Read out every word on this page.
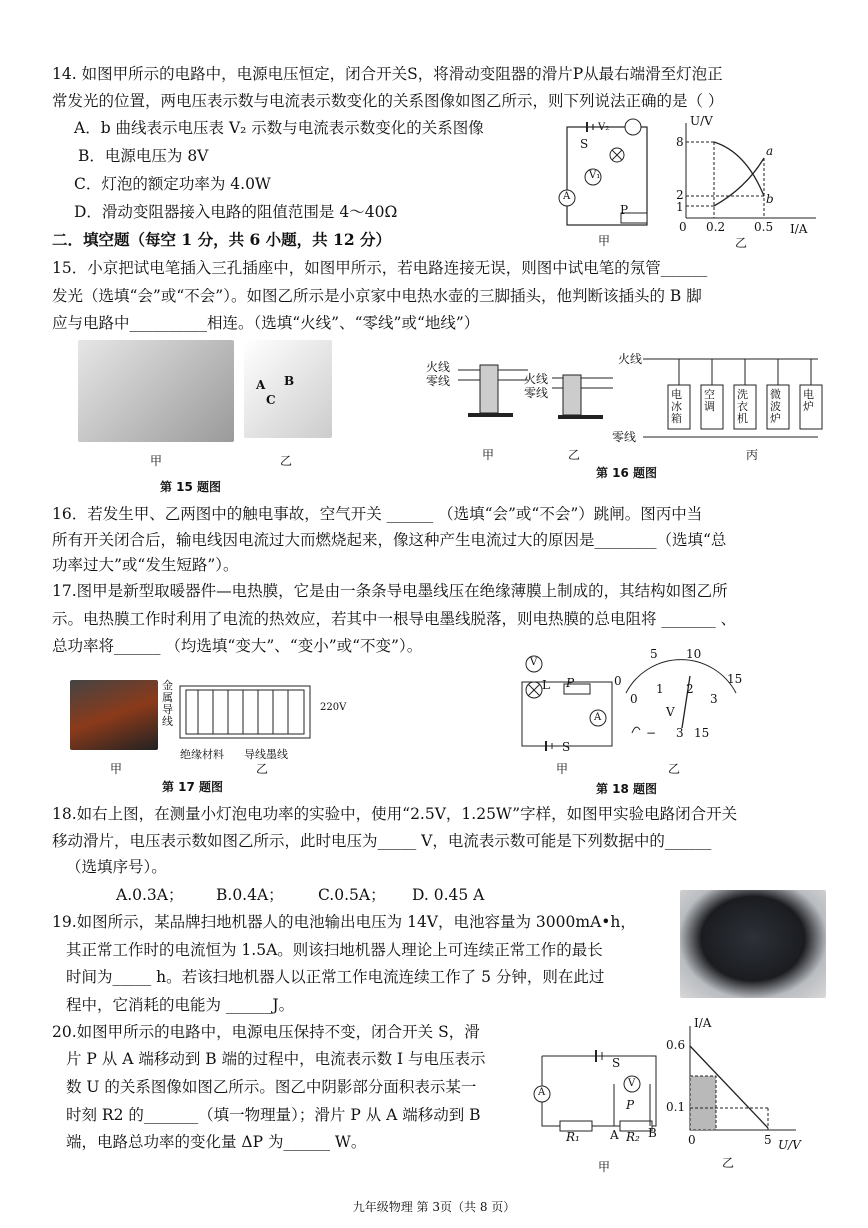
14. 如图甲所示的电路中，电源电压恒定，闭合开关S，将滑动变阻器的滑片P从最右端滑至灯泡正
常发光的位置，两电压表示数与电流表示数变化的关系图像如图乙所示，则下列说法正确的是（ ）
A．b 曲线表示电压表 V₂ 示数与电流表示数变化的关系图像
B．电源电压为 8V
C．灯泡的额定功率为 4.0W
D．滑动变阻器接入电路的阻值范围是 4～40Ω
V₂
S
V₁
A
P
甲
U/V
8
2
1
0 0.2 0.5 I/A
a
b
乙
二．填空题（每空 1 分，共 6 小题，共 12 分）
15．小京把试电笔插入三孔插座中，如图甲所示，若电路连接无误，则图中试电笔的氖管______
发光（选填“会”或“不会”）。如图乙所示是小京家中电热水壶的三脚插头，他判断该插头的 B 脚
应与电路中__________相连。（选填“火线”、“零线”或“地线”）
A B
C
甲	乙
第 15 题图
火线
零线	火线
零线
火线
零线
电冰箱
空调
洗衣机
微波炉
电炉
甲	乙	丙
第 16 题图
16．若发生甲、乙两图中的触电事故，空气开关 ______ （选填“会”或“不会”）跳闸。图丙中当
所有开关闭合后，输电线因电流过大而燃烧起来，像这种产生电流过大的原因是________（选填“总
功率过大”或“发生短路”）。
17.图甲是新型取暖器件—电热膜，它是由一条条导电墨线压在绝缘薄膜上制成的，其结构如图乙所
示。电热膜工作时利用了电流的热效应，若其中一根导电墨线脱落，则电热膜的总电阻将 _______ 、
总功率将______ （均选填“变大”、“变小”或“不变”）。
金属导线
220V
绝缘材料 导线墨线
甲	乙
第 17 题图
V
L P
A
S
甲
0
5 10
15
0
1 2
3
V
− 3 15
乙
第 18 题图
18.如右上图，在测量小灯泡电功率的实验中，使用“2.5V，1.25W”字样，如图甲实验电路闭合开关
移动滑片，电压表示数如图乙所示，此时电压为_____ V，电流表示数可能是下列数据中的______
（选填序号）。
A.0.3A； B.0.4A； C.0.5A； D. 0.45 A
19.如图所示，某品牌扫地机器人的电池输出电压为 14V，电池容量为 3000mA•h，
其正常工作时的电流恒为 1.5A。则该扫地机器人理论上可连续正常工作的最长
时间为_____ h。若该扫地机器人以正常工作电流连续工作了 5 分钟，则在此过
程中，它消耗的电能为 ______J。
20.如图甲所示的电路中，电源电压保持不变，闭合开关 S，滑
片 P 从 A 端移动到 B 端的过程中，电流表示数 I 与电压表示
数 U 的关系图像如图乙所示。图乙中阴影部分面积表示某一
时刻 R2 的_______（填一物理量）；滑片 P 从 A 端移动到 B
端，电路总功率的变化量 ΔP 为______ W。
S
V
A
P
R₁	A R₂ B
甲
I/A
0.6
0.1
0	5 U/V
乙
九年级物理 第 3页（共 8 页）
